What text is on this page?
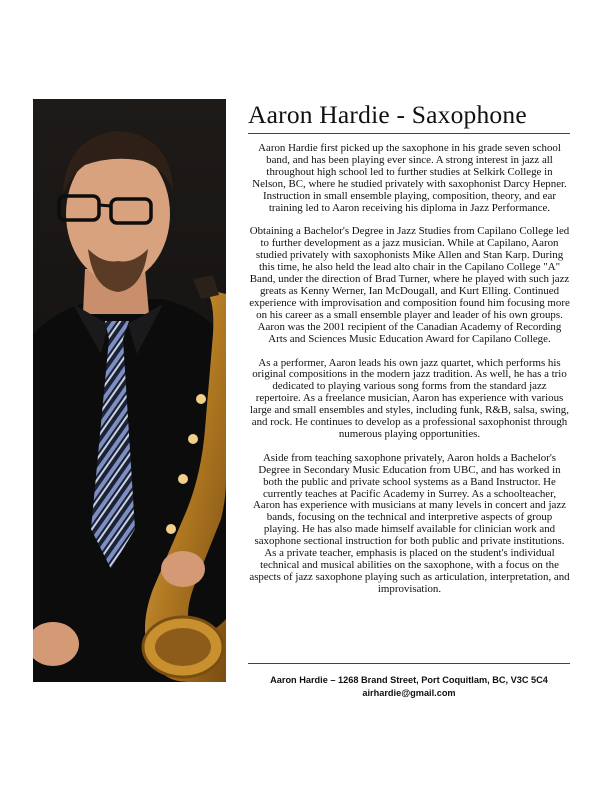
Aaron Hardie - Saxophone

Aaron Hardie first picked up the saxophone in his grade seven school band, and has been playing ever since. A strong interest in jazz all throughout high school led to further studies at Selkirk College in Nelson, BC, where he studied privately with saxophonist Darcy Hepner. Instruction in small ensemble playing, composition, theory, and ear training led to Aaron receiving his diploma in Jazz Performance.

Obtaining a Bachelor's Degree in Jazz Studies from Capilano College led to further development as a jazz musician. While at Capilano, Aaron studied privately with saxophonists Mike Allen and Stan Karp. During this time, he also held the lead alto chair in the Capilano College "A" Band, under the direction of Brad Turner, where he played with such jazz greats as Kenny Werner, Ian McDougall, and Kurt Elling. Continued experience with improvisation and composition found him focusing more on his career as a small ensemble player and leader of his own groups. Aaron was the 2001 recipient of the Canadian Academy of Recording Arts and Sciences Music Education Award for Capilano College.

As a performer, Aaron leads his own jazz quartet, which performs his original compositions in the modern jazz tradition. As well, he has a trio dedicated to playing various song forms from the standard jazz repertoire. As a freelance musician, Aaron has experience with various large and small ensembles and styles, including funk, R&B, salsa, swing, and rock. He continues to develop as a professional saxophonist through numerous playing opportunities.

Aside from teaching saxophone privately, Aaron holds a Bachelor's Degree in Secondary Music Education from UBC, and has worked in both the public and private school systems as a Band Instructor. He currently teaches at Pacific Academy in Surrey. As a schoolteacher, Aaron has experience with musicians at many levels in concert and jazz bands, focusing on the technical and interpretive aspects of group playing. He has also made himself available for clinician work and saxophone sectional instruction for both public and private institutions. As a private teacher, emphasis is placed on the student's individual technical and musical abilities on the saxophone, with a focus on the aspects of jazz saxophone playing such as articulation, interpretation, and improvisation.

Aaron Hardie – 1268 Brand Street, Port Coquitlam, BC, V3C 5C4
airhardie@gmail.com
